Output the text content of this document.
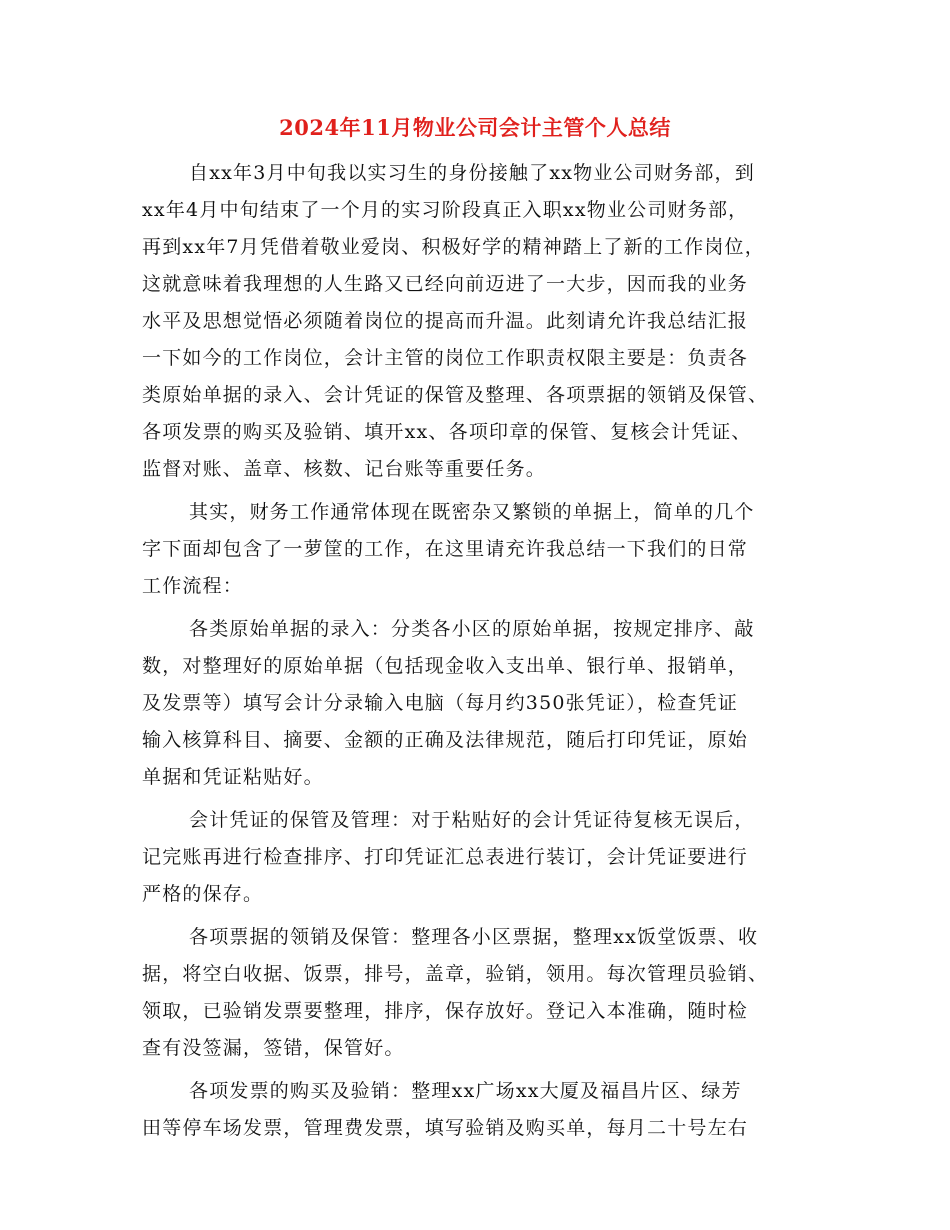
2024年11月物业公司会计主管个人总结
自xx年3月中旬我以实习生的身份接触了xx物业公司财务部，到
xx年4月中旬结束了一个月的实习阶段真正入职xx物业公司财务部，
再到xx年7月凭借着敬业爱岗、积极好学的精神踏上了新的工作岗位，
这就意味着我理想的人生路又已经向前迈进了一大步，因而我的业务
水平及思想觉悟必须随着岗位的提高而升温。此刻请允许我总结汇报
一下如今的工作岗位，会计主管的岗位工作职责权限主要是：负责各
类原始单据的录入、会计凭证的保管及整理、各项票据的领销及保管、
各项发票的购买及验销、填开xx、各项印章的保管、复核会计凭证、
监督对账、盖章、核数、记台账等重要任务。
其实，财务工作通常体现在既密杂又繁锁的单据上，简单的几个
字下面却包含了一萝筐的工作，在这里请充许我总结一下我们的日常
工作流程：
各类原始单据的录入：分类各小区的原始单据，按规定排序、敲
数，对整理好的原始单据（包括现金收入支出单、银行单、报销单，
及发票等）填写会计分录输入电脑（每月约350张凭证），检查凭证
输入核算科目、摘要、金额的正确及法律规范，随后打印凭证，原始
单据和凭证粘贴好。
会计凭证的保管及管理：对于粘贴好的会计凭证待复核无误后，
记完账再进行检查排序、打印凭证汇总表进行装订，会计凭证要进行
严格的保存。
各项票据的领销及保管：整理各小区票据，整理xx饭堂饭票、收
据，将空白收据、饭票，排号，盖章，验销，领用。每次管理员验销、
领取，已验销发票要整理，排序，保存放好。登记入本准确，随时检
查有没签漏，签错，保管好。
各项发票的购买及验销：整理xx广场xx大厦及福昌片区、绿芳
田等停车场发票，管理费发票，填写验销及购买单，每月二十号左右
